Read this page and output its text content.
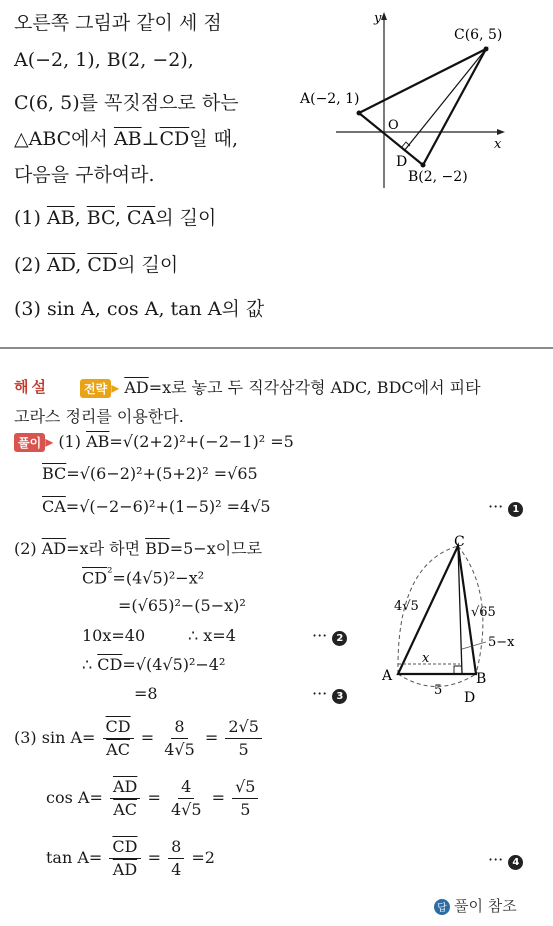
오른쪽 그림과 같이 세 점
A(−2, 1), B(2, −2),
C(6, 5)를 꼭짓점으로 하는
△ABC에서 $\overline{AB}\perp\overline{CD}$일 때,
다음을 구하여라.
(1) $\overline{AB}$, $\overline{BC}$, $\overline{CA}$의 길이
(2) $\overline{AD}$, $\overline{CD}$의 길이
(3) sin A, cos A, tan A의 값
y
x
O
A(−2, 1)
B(2, −2)
C(6, 5)
D
해설	전략 ▸ $\overline{AD}=x$로 놓고 두 직각삼각형 ADC, BDC에서 피타
고라스 정리를 이용한다.
풀이 ▸ (1) $\overline{AB}=√(2+2)^2+(-2-1)^2 =5$
$\overline{BC}=√(6-2)^2+(5+2)^2 =√65$
$\overline{CA}=√(-2-6)^2+(1-5)^2 =4√5$	··· 1
(2) $\overline{AD}=x$라 하면 $\overline{BD}=5-x$이므로
$\overline{CD}^{^2}=(4√5)^2-x^2$
=(√65)²−(5−x)²
10x=40	∴ x=4	··· 2
∴ $\overline{CD}=√(4√5)^2-4^2$
=8	··· 3
C
A	B
D
4√5	√65
x
5
5−x
(3) $\sin A= \frac{\overline{CD}}{AC} = \frac{8}{4√5} = \frac{2√5}{5}$
$\cos A= \frac{\overline{AD}}{AC} = \frac{4}{4√5} = \frac{√5}{5}$
$\tan A= \frac{\overline{CD}}{AD} = \frac{8}{4} =2$	··· 4
답 풀이 참조
